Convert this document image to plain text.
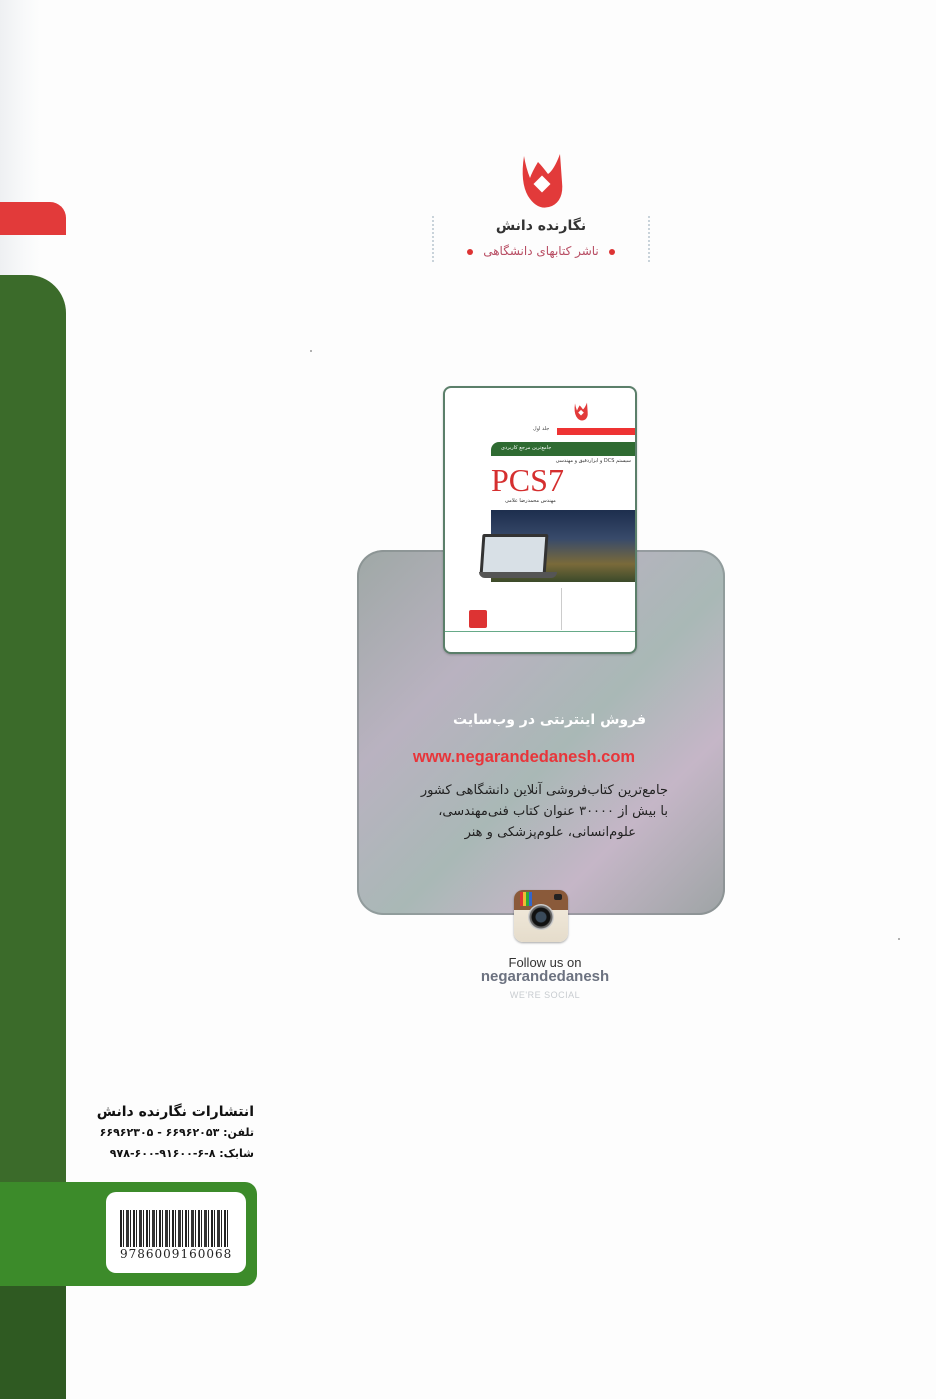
نگارنده دانش
ناشر کتابهای دانشگاهی
جلد اول
جامع‌ترین مرجع کاربردی
سیستم DCS و ابزاردقیق و مهندسی
PCS7
مهندس محمدرضا علامی
فروش اینترنتی در وب‌سایت
www.negarandedanesh.com
جامع‌ترین کتاب‌فروشی آنلاین دانشگاهی کشور
با بیش از ۳۰۰۰۰ عنوان کتاب فنی‌مهندسی،
علوم‌انسانی، علوم‌پزشکی و هنر
Follow us on
negarandedanesh
WE'RE SOCIAL
انتشارات نگارنده دانش
تلفن: ۶۶۹۶۲۰۵۳ - ۶۶۹۶۲۳۰۵
شابک: ۸-۶-۹۱۶۰۰-۶۰۰-۹۷۸
9786009160068
